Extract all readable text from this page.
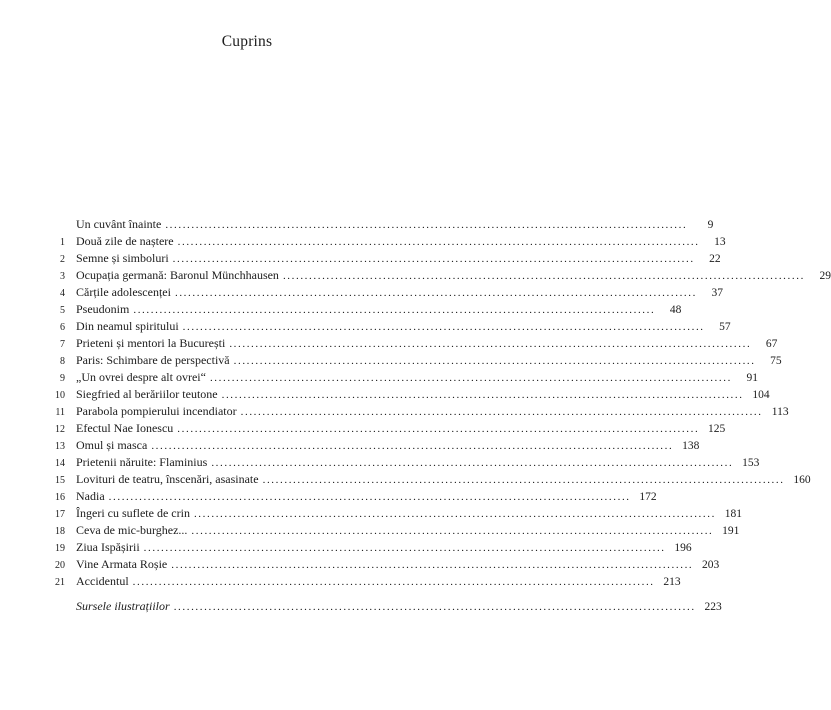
Cuprins
Un cuvânt înainte ........................................................................................................................	9
1 Două zile de naștere ........................................................................................................................	13
2 Semne și simboluri ........................................................................................................................	22
3 Ocupația germană: Baronul Münchhausen ........................................................................................................................	29
4 Cărțile adolescenței ........................................................................................................................	37
5 Pseudonim ........................................................................................................................	48
6 Din neamul spiritului ........................................................................................................................	57
7 Prieteni și mentori la București ........................................................................................................................	67
8 Paris: Schimbare de perspectivă ........................................................................................................................	75
9 „Un ovrei despre alt ovrei“ ........................................................................................................................	91
10 Siegfried al berăriilor teutone ........................................................................................................................ 104
11 Parabola pompierului incendiator ........................................................................................................................ 113
12 Efectul Nae Ionescu ........................................................................................................................ 125
13 Omul și masca ........................................................................................................................ 138
14 Prietenii năruite: Flaminius ........................................................................................................................ 153
15 Lovituri de teatru, înscenări, asasinate ........................................................................................................................ 160
16 Nadia ........................................................................................................................ 172
17 Îngeri cu suflete de crin ........................................................................................................................ 181
18 Ceva de mic-burghez... ........................................................................................................................ 191
19 Ziua Ispășirii ........................................................................................................................ 196
20 Vine Armata Roșie ........................................................................................................................ 203
21 Accidentul ........................................................................................................................ 213
Sursele ilustrațiilor ........................................................................................................................ 223
